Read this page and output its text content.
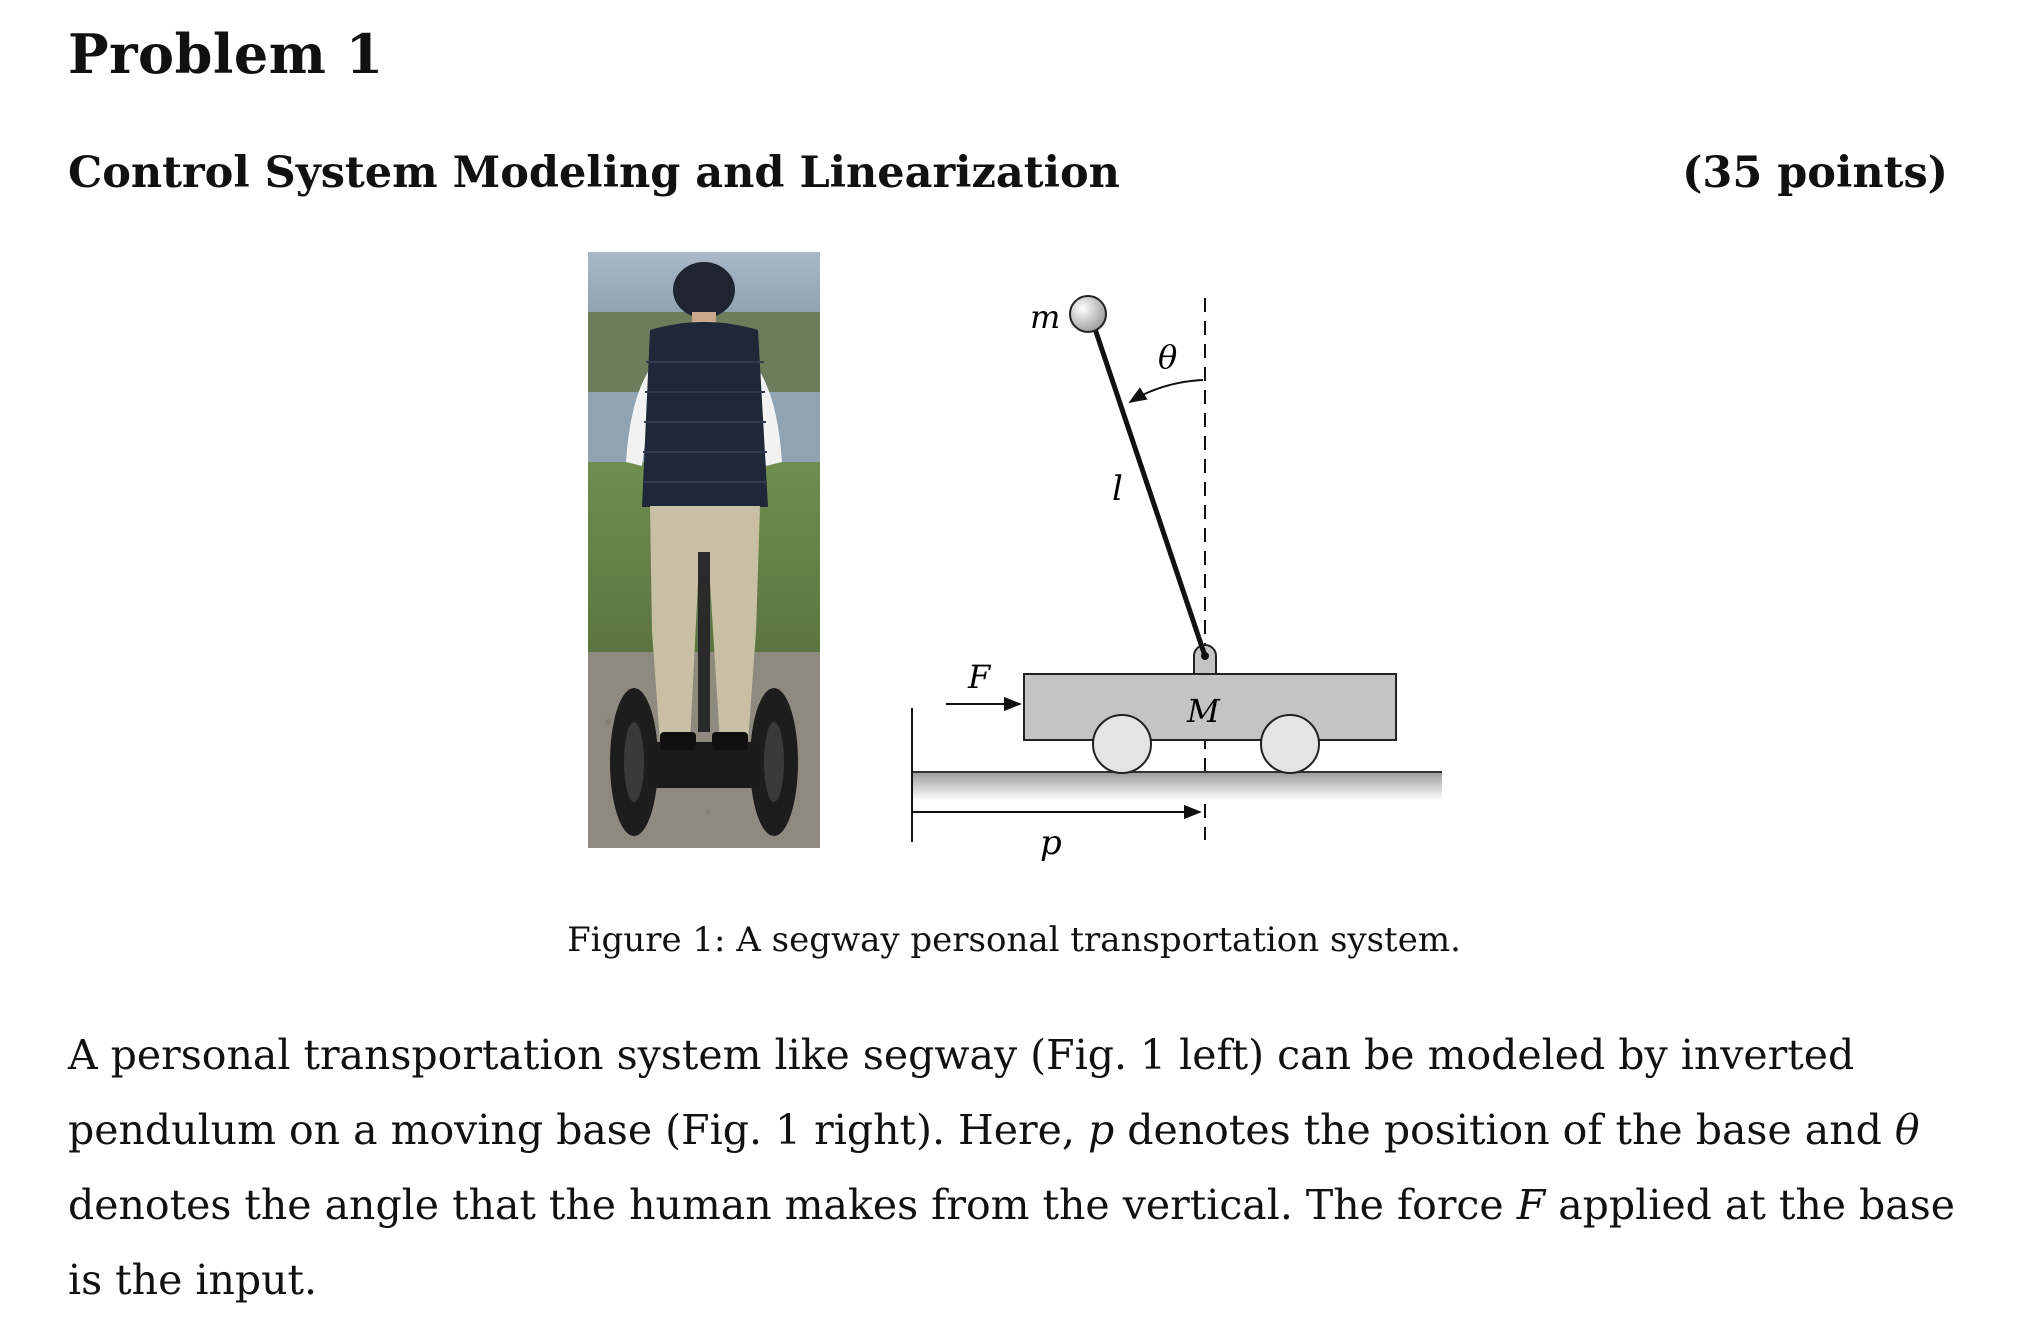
Problem 1
Control System Modeling and Linearization	(35 points)
p
M
l
m
θ
F
Figure 1: A segway personal transportation system.

A personal transportation system like segway (Fig. 1 left) can be modeled by inverted pendulum on a moving base (Fig. 1 right). Here, p denotes the position of the base and θ denotes the angle that the human makes from the vertical. The force F applied at the base is the input.
